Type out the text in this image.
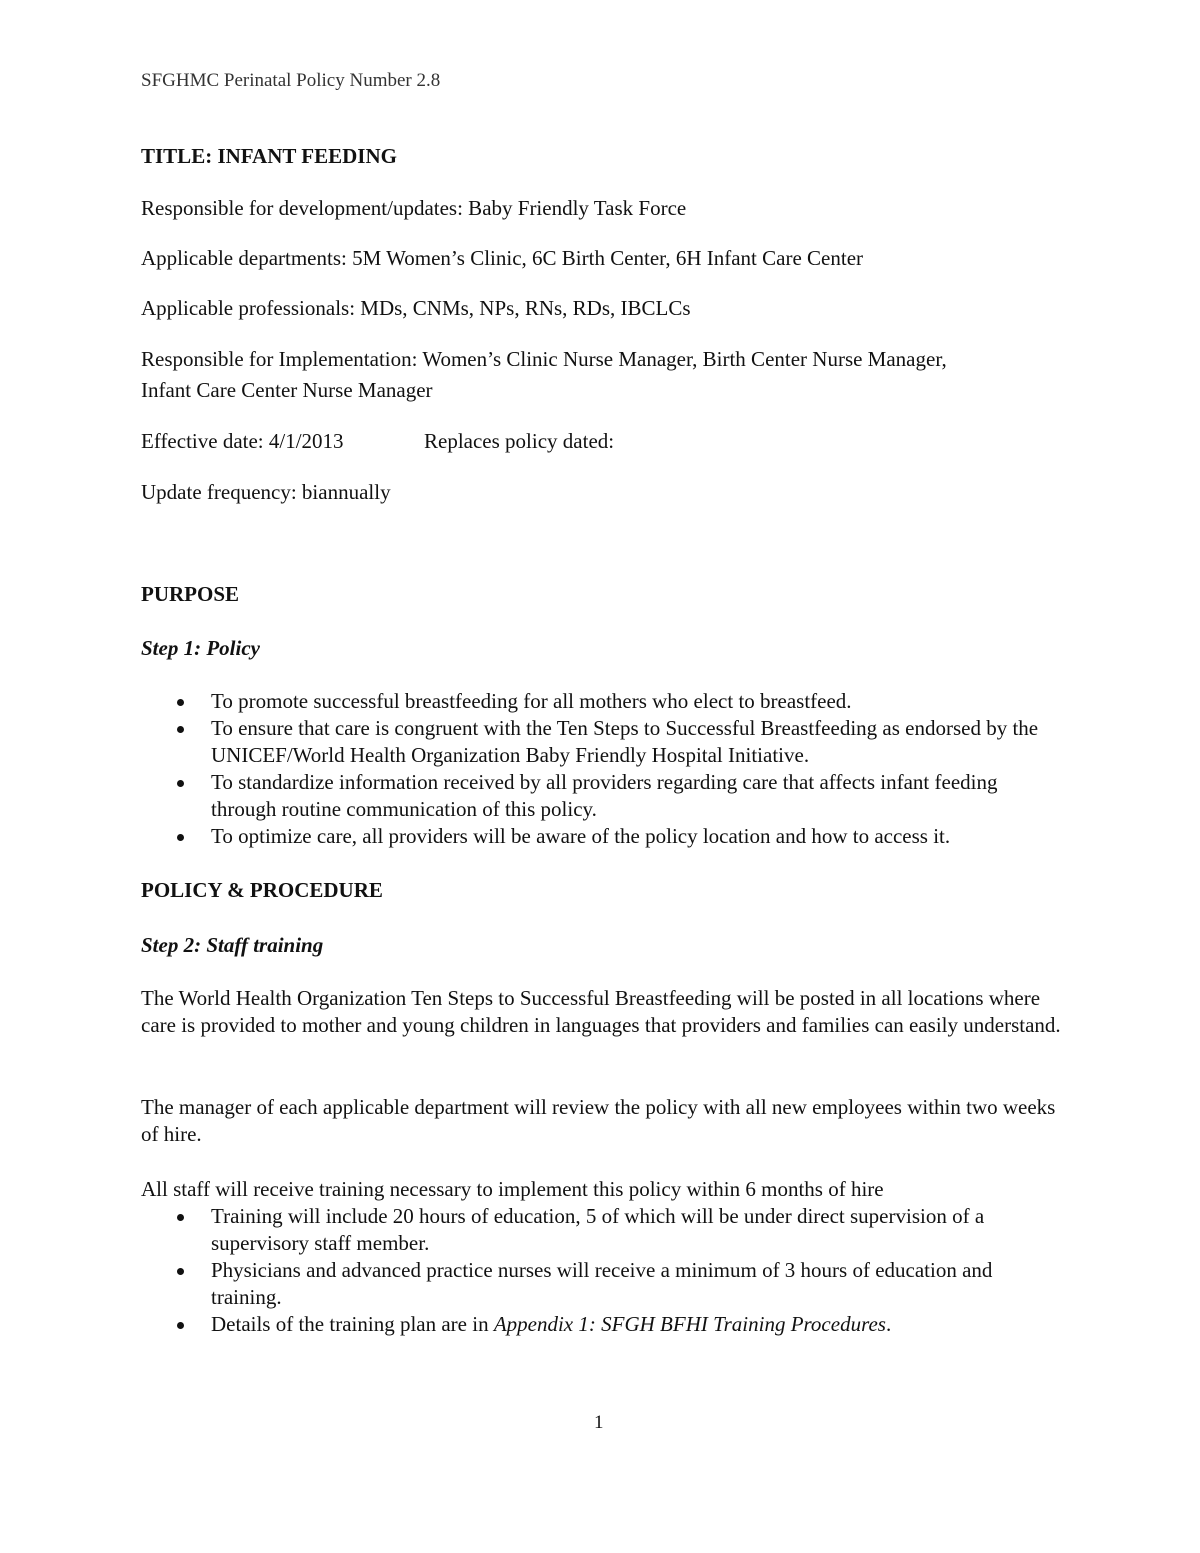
SFGHMC Perinatal Policy Number 2.8
TITLE: INFANT FEEDING
Responsible for development/updates: Baby Friendly Task Force
Applicable departments: 5M Women’s Clinic, 6C Birth Center, 6H Infant Care Center
Applicable professionals: MDs, CNMs, NPs, RNs, RDs, IBCLCs
Responsible for Implementation: Women’s Clinic Nurse Manager, Birth Center Nurse Manager,
Infant Care Center Nurse Manager
Effective date: 4/1/2013	Replaces policy dated:
Update frequency: biannually
PURPOSE
Step 1: Policy
To promote successful breastfeeding for all mothers who elect to breastfeed.
To ensure that care is congruent with the Ten Steps to Successful Breastfeeding as endorsed by the UNICEF/World Health Organization Baby Friendly Hospital Initiative.
To standardize information received by all providers regarding care that affects infant feeding through routine communication of this policy.
To optimize care, all providers will be aware of the policy location and how to access it.
POLICY & PROCEDURE
Step 2: Staff training
The World Health Organization Ten Steps to Successful Breastfeeding will be posted in all locations where care is provided to mother and young children in languages that providers and families can easily understand.
The manager of each applicable department will review the policy with all new employees within two weeks of hire.
All staff will receive training necessary to implement this policy within 6 months of hire
Training will include 20 hours of education, 5 of which will be under direct supervision of a supervisory staff member.
Physicians and advanced practice nurses will receive a minimum of 3 hours of education and training.
Details of the training plan are in Appendix 1: SFGH BFHI Training Procedures.
1
